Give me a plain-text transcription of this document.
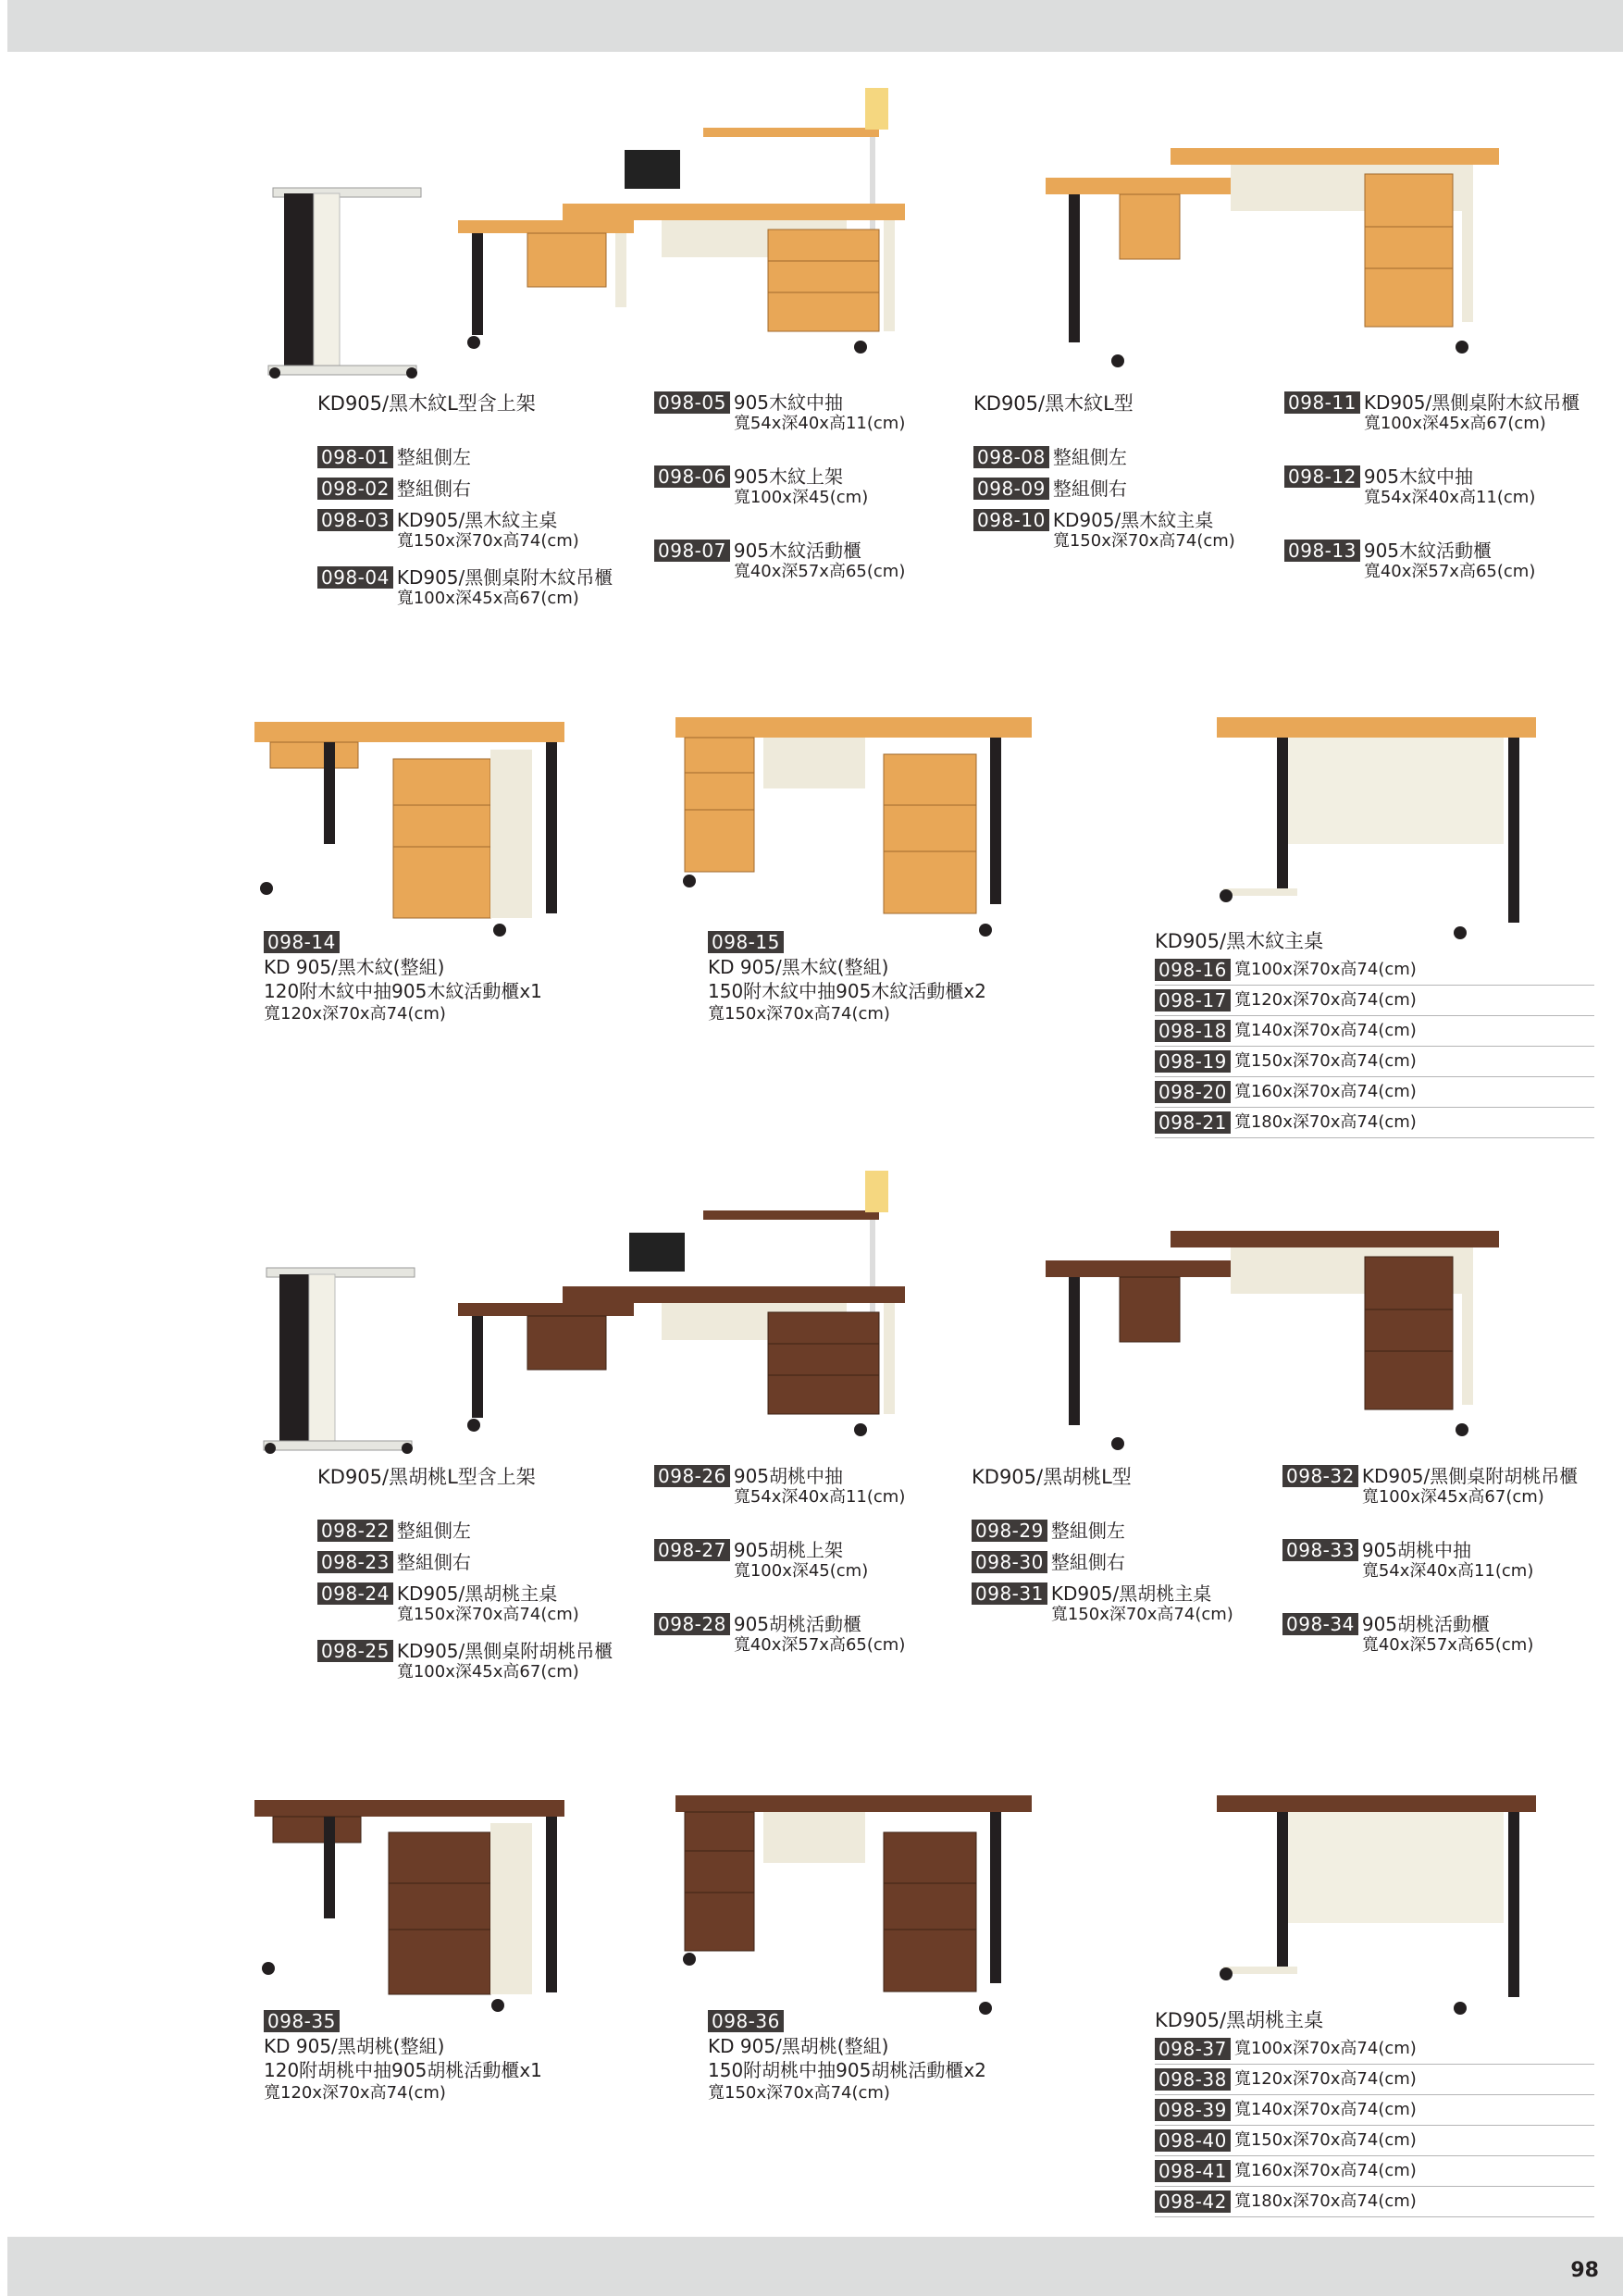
KD905/黑木紋L型含上架
098-01 整組側左
098-02 整組側右
098-03 KD905/黑木紋主桌
寬150x深70x高74(cm)
098-04 KD905/黑側桌附木紋吊櫃
寬100x深45x高67(cm)
098-05 905木紋中抽
寬54x深40x高11(cm)
098-06 905木紋上架
寬100x深45(cm)
098-07 905木紋活動櫃
寬40x深57x高65(cm)
KD905/黑木紋L型
098-08 整組側左
098-09 整組側右
098-10 KD905/黑木紋主桌
寬150x深70x高74(cm)
098-11 KD905/黑側桌附木紋吊櫃
寬100x深45x高67(cm)
098-12 905木紋中抽
寬54x深40x高11(cm)
098-13 905木紋活動櫃
寬40x深57x高65(cm)
098-14
KD 905/黑木紋(整組)
120附木紋中抽905木紋活動櫃x1
寬120x深70x高74(cm)
098-15
KD 905/黑木紋(整組)
150附木紋中抽905木紋活動櫃x2
寬150x深70x高74(cm)
KD905/黑木紋主桌
098-16 寬100x深70x高74(cm)
098-17 寬120x深70x高74(cm)
098-18 寬140x深70x高74(cm)
098-19 寬150x深70x高74(cm)
098-20 寬160x深70x高74(cm)
098-21 寬180x深70x高74(cm)
KD905/黑胡桃L型含上架
098-22 整組側左
098-23 整組側右
098-24 KD905/黑胡桃主桌
寬150x深70x高74(cm)
098-25 KD905/黑側桌附胡桃吊櫃
寬100x深45x高67(cm)
098-26 905胡桃中抽
寬54x深40x高11(cm)
098-27 905胡桃上架
寬100x深45(cm)
098-28 905胡桃活動櫃
寬40x深57x高65(cm)
KD905/黑胡桃L型
098-29 整組側左
098-30 整組側右
098-31 KD905/黑胡桃主桌
寬150x深70x高74(cm)
098-32 KD905/黑側桌附胡桃吊櫃
寬100x深45x高67(cm)
098-33 905胡桃中抽
寬54x深40x高11(cm)
098-34 905胡桃活動櫃
寬40x深57x高65(cm)
098-35
KD 905/黑胡桃(整組)
120附胡桃中抽905胡桃活動櫃x1
寬120x深70x高74(cm)
098-36
KD 905/黑胡桃(整組)
150附胡桃中抽905胡桃活動櫃x2
寬150x深70x高74(cm)
KD905/黑胡桃主桌
098-37 寬100x深70x高74(cm)
098-38 寬120x深70x高74(cm)
098-39 寬140x深70x高74(cm)
098-40 寬150x深70x高74(cm)
098-41 寬160x深70x高74(cm)
098-42 寬180x深70x高74(cm)
98
